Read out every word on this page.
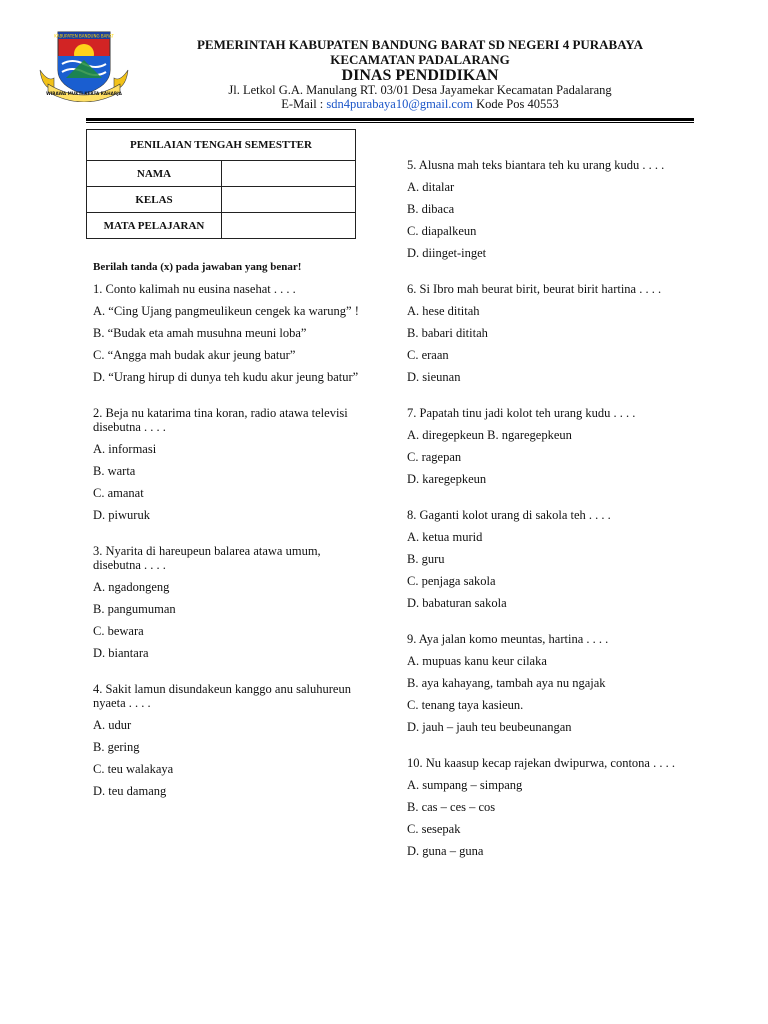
KABUPATEN BANDUNG BARAT
WIBAWA MUKTI KERTA RAHARJA
PEMERINTAH KABUPATEN BANDUNG BARAT SD NEGERI 4 PURABAYA
KECAMATAN PADALARANG
DINAS PENDIDIKAN
Jl. Letkol G.A. Manulang RT. 03/01 Desa Jayamekar Kecamatan Padalarang
E-Mail : sdn4purabaya10@gmail.com Kode Pos 40553
PENILAIAN TENGAH SEMESTTER	
NAMA	
KELAS	
MATA PELAJARAN	
Berilah tanda (x) pada jawaban yang benar!
1. Conto kalimah nu eusina nasehat . . . .
A. “Cing Ujang pangmeulikeun cengek ka warung” !
B. “Budak eta amah musuhna meuni loba”
C. “Angga mah budak akur jeung batur”
D. “Urang hirup di dunya teh kudu akur jeung batur”
2. Beja nu katarima tina koran, radio atawa televisi disebutna . . . .
A. informasi
B. warta
C. amanat
D. piwuruk
3. Nyarita di hareupeun balarea atawa umum, disebutna . . . .
A. ngadongeng
B. pangumuman
C. bewara
D. biantara
4. Sakit lamun disundakeun kanggo anu saluhureun nyaeta . . . .
A. udur
B. gering
C. teu walakaya
D. teu damang
5. Alusna mah teks biantara teh ku urang kudu . . . .
A. ditalar
B. dibaca
C. diapalkeun
D. diinget-inget
6. Si Ibro mah beurat birit, beurat birit hartina . . . .
A. hese dititah
B. babari dititah
C. eraan
D. sieunan
7. Papatah tinu jadi kolot teh urang kudu . . . .
A. diregepkeun B. ngaregepkeun
C. ragepan
D. karegepkeun
8. Gaganti kolot urang di sakola teh . . . .
A. ketua murid
B. guru
C. penjaga sakola
D. babaturan sakola
9. Aya jalan komo meuntas, hartina . . . .
A. mupuas kanu keur cilaka
B. aya kahayang, tambah aya nu ngajak
C. tenang taya kasieun.
D. jauh – jauh teu beubeunangan
10. Nu kaasup kecap rajekan dwipurwa, contona . . . .
A. sumpang – simpang
B. cas – ces – cos
C. sesepak
D. guna – guna
